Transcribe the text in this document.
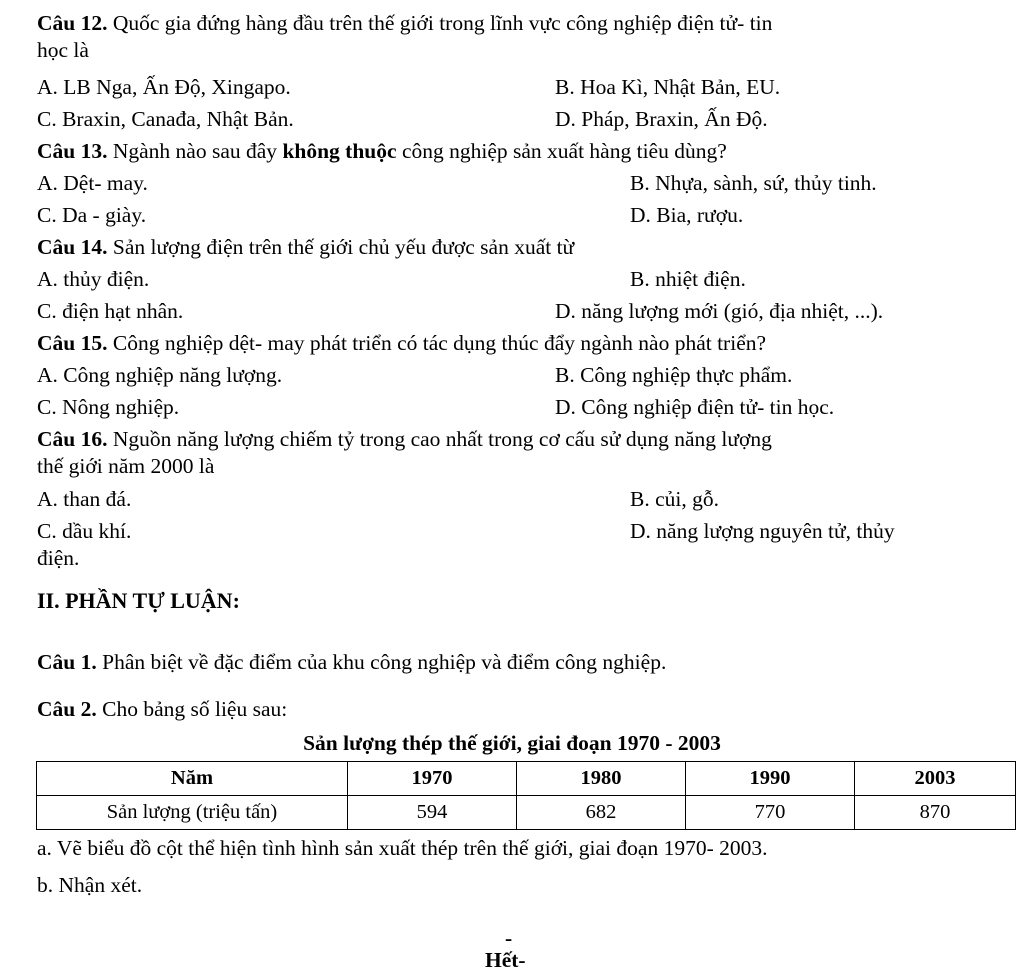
Câu 12. Quốc gia đứng hàng đầu trên thế giới trong lĩnh vực công nghiệp điện tử- tin
học là
A. LB Nga, Ấn Độ, Xingapo.	B. Hoa Kì, Nhật Bản, EU.
C. Braxin, Canađa, Nhật Bản.	D. Pháp, Braxin, Ấn Độ.
Câu 13. Ngành nào sau đây không thuộc công nghiệp sản xuất hàng tiêu dùng?
A. Dệt- may.	B. Nhựa, sành, sứ, thủy tinh.
C. Da - giày.	D. Bia, rượu.
Câu 14. Sản lượng điện trên thế giới chủ yếu được sản xuất từ
A. thủy điện.	B. nhiệt điện.
C. điện hạt nhân.	D. năng lượng mới (gió, địa nhiệt, ...).
Câu 15. Công nghiệp dệt- may phát triển có tác dụng thúc đẩy ngành nào phát triển?
A. Công nghiệp năng lượng.	B. Công nghiệp thực phẩm.
C. Nông nghiệp.	D. Công nghiệp điện tử- tin học.
Câu 16. Nguồn năng lượng chiếm tỷ trong cao nhất trong cơ cấu sử dụng năng lượng
thế giới năm 2000 là
A. than đá.	B. củi, gỗ.
C. dầu khí.	D. năng lượng nguyên tử, thủy
điện.
II. PHẦN TỰ LUẬN:
Câu 1. Phân biệt về đặc điểm của khu công nghiệp và điểm công nghiệp.
Câu 2. Cho bảng số liệu sau:
Sản lượng thép thế giới, giai đoạn 1970 - 2003
Năm	1970	1980	1990	2003
Sản lượng (triệu tấn)	594	682	770	870
a. Vẽ biểu đồ cột thể hiện tình hình sản xuất thép trên thế giới, giai đoạn 1970- 2003.
b. Nhận xét.
-
Hết-
